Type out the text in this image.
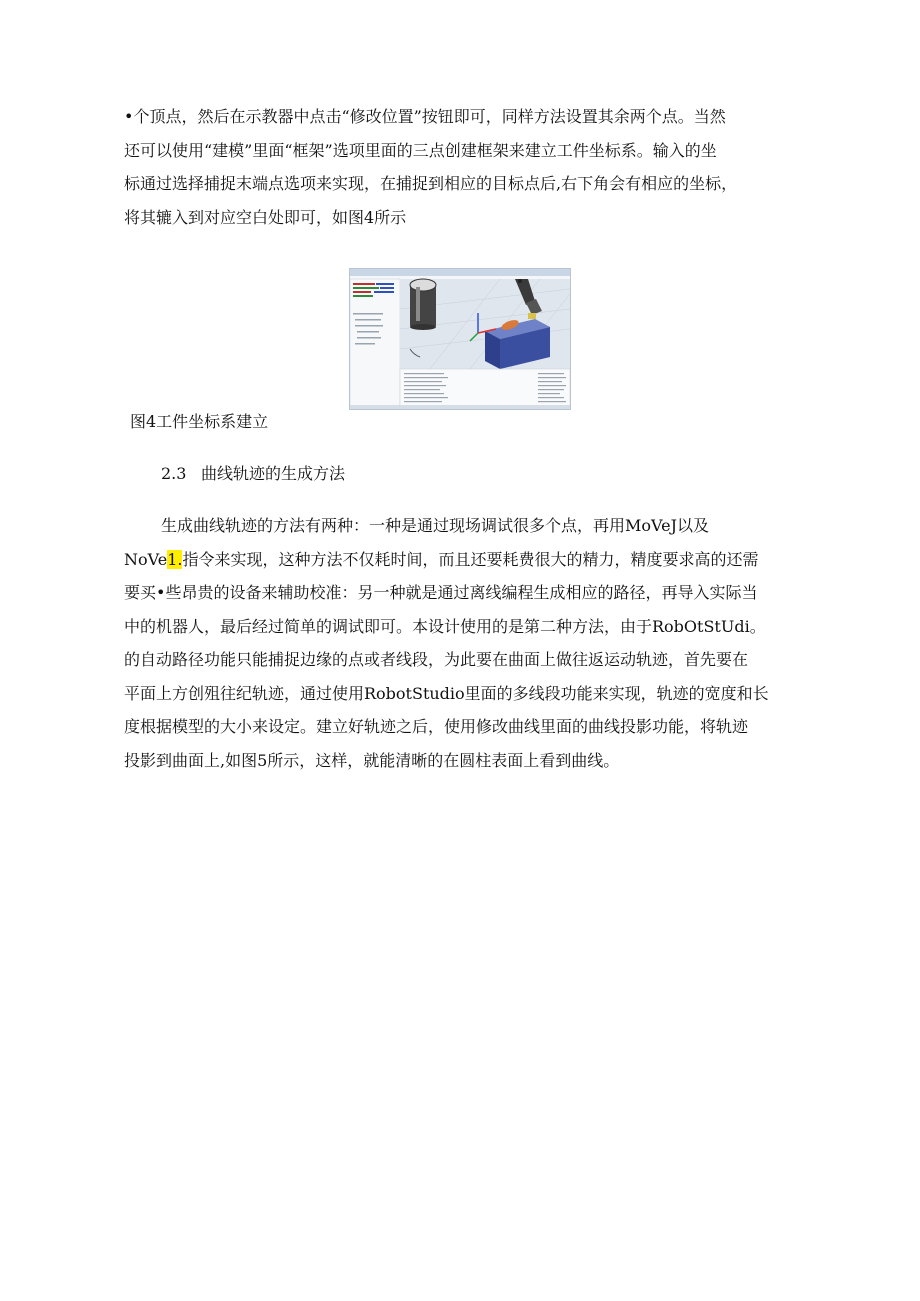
•个顶点，然后在示教器中点击“修改位置”按钮即可，同样方法设置其余两个点。当然
还可以使用“建模”里面“框架”选项里面的三点创建框架来建立工件坐标系。输入的坐
标通过选择捕捉末端点选项来实现，在捕捉到相应的目标点后,右下角会有相应的坐标，
将其辘入到对应空白处即可，如图4所示
图4工件坐标系建立
2.3 曲线轨迹的生成方法
生成曲线轨迹的方法有两种：一种是通过现场调试很多个点，再用MoVeJ以及
NoVe1.指令来实现，这种方法不仅耗时间，而且还要耗费很大的精力，精度要求高的还需
要买•些昂贵的设备来辅助校准：另一种就是通过离线编程生成相应的路径，再导入实际当
中的机器人，最后经过简单的调试即可。本设计使用的是第二种方法，由于RobOtStUdi。
的自动路径功能只能捕捉边缘的点或者线段，为此要在曲面上做往返运动轨迹，首先要在
平面上方创殂往纪轨迹，通过使用RobotStudio里面的多线段功能来实现，轨迹的宽度和长
度根据模型的大小来设定。建立好轨迹之后，使用修改曲线里面的曲线投影功能，将轨迹
投影到曲面上,如图5所示，这样，就能清晰的在圆柱表面上看到曲线。
